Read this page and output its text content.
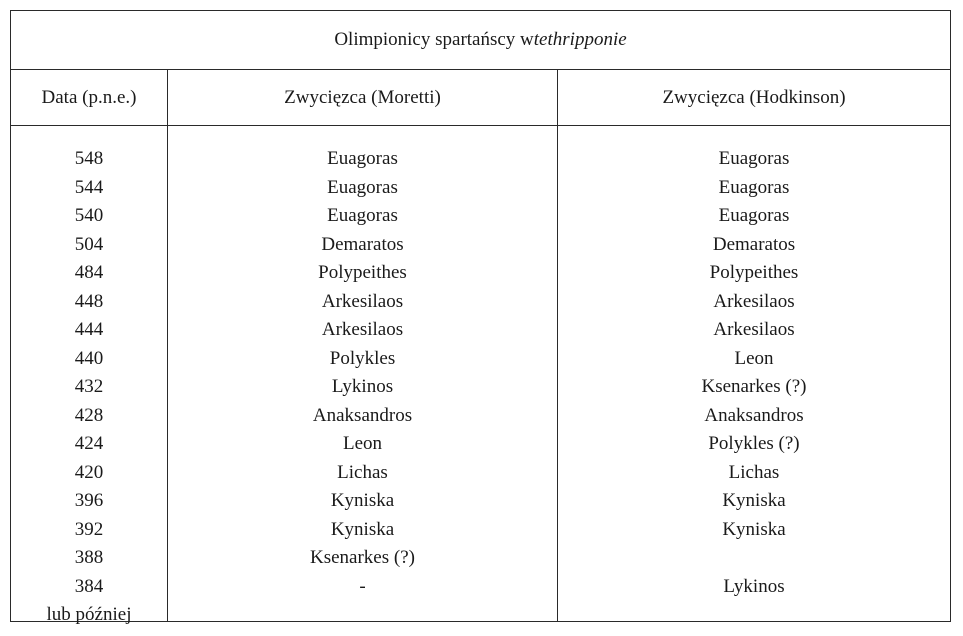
Olimpionicy spartańscy w tethripponie
Data (p.n.e.)	Zwycięzca (Moretti)	Zwycięzca (Hodkinson)
548
544
540
504
484
448
444
440
432
428
424
420
396
392
388
384
lub później
Euagoras
Euagoras
Euagoras
Demaratos
Polypeithes
Arkesilaos
Arkesilaos
Polykles
Lykinos
Anaksandros
Leon
Lichas
Kyniska
Kyniska
Ksenarkes (?)
-
Euagoras
Euagoras
Euagoras
Demaratos
Polypeithes
Arkesilaos
Arkesilaos
Leon
Ksenarkes (?)
Anaksandros
Polykles (?)
Lichas
Kyniska
Kyniska
Lykinos
